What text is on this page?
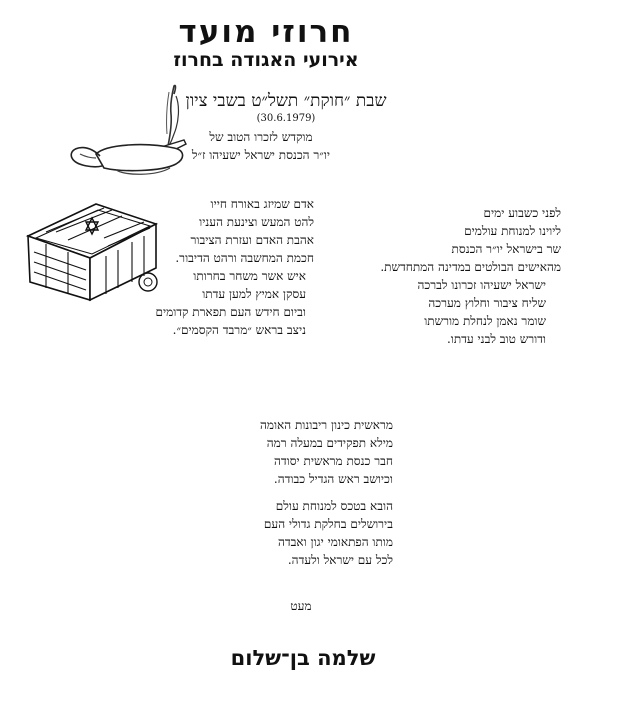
חרוזי מועד
אירועי האגודה בחרוז
שבת ״חוקת״ תשל״ט בשבי ציון
(30.6.1979)
מוקדש לזכרו הטוב של
יו״ר הכנסת ישראל ישעיהו ז״ל

לפני כשבוע ימים

ליוינו למנוחת עולמים

שר בישראל יו״ר הכנסת

מהאישים הבולטים במדינה המתחדשת.

ישראל ישעיהו זכרונו לברכה

שליח ציבור וחלוץ מערכה

שומר נאמן לנחלת מורשתו

ודורש טוב לבני עדתו.

אדם שמיזג באורח חייו

להט המעש וצינעת העניו

אהבת האדם ועזרת הציבור

חכמת המחשבה ורהט הדיבור.

איש אשר משחר בחרותו

עסקן אמיץ למען עדתו

וביום חידש העם תפארת קדומים

ניצב בראש ״מרבד הקסמים״.

מראשית כינון ריבונות האומה

מילא תפקידים במעלה רמה

חבר כנסת מראשית יסודה

וכיושב ראש הגדיל כבודה.

הובא בטכס למנוחת עולם

בירושלים בחלקת גדולי העם

מותו הפתאומי יגון ואבדה

לכל עם ישראל ולעדה.

מעט
שלמה בן־שלום
